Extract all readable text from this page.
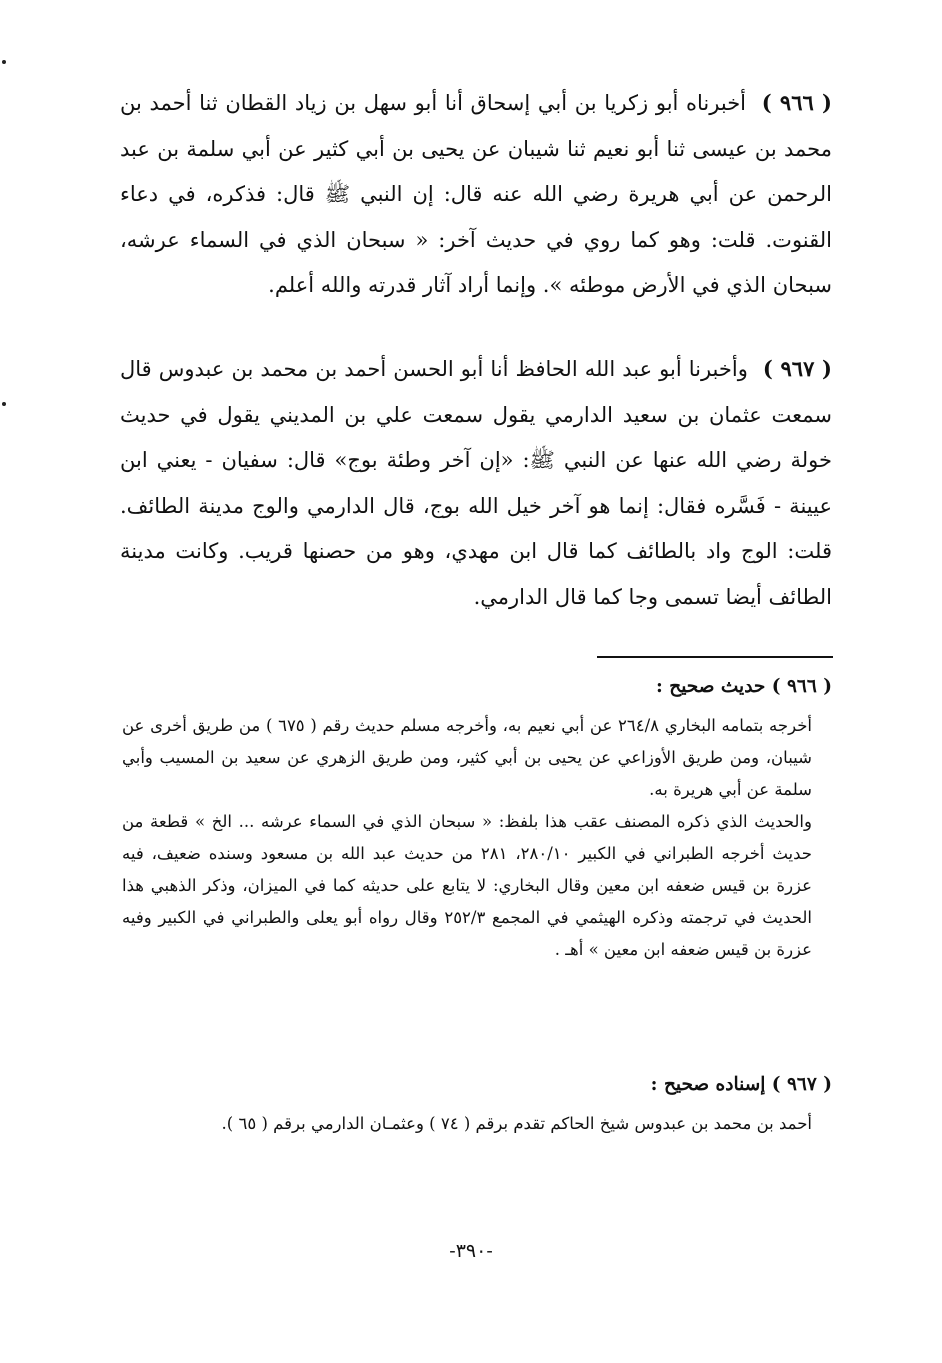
( ٩٦٦ ) أخبرناه أبو زكريا بن أبي إسحاق أنا أبو سهل بن زياد القطان ثنا أحمد بن محمد بن عيسى ثنا أبو نعيم ثنا شيبان عن يحيى بن أبي كثير عن أبي سلمة بن عبد الرحمن عن أبي هريرة رضي الله عنه قال: إن النبي ﷺ قال: فذكره، في دعاء القنوت. قلت: وهو كما روي في حديث آخر: « سبحان الذي في السماء عرشه، سبحان الذي في الأرض موطئه ». وإنما أراد آثار قدرته والله أعلم.
( ٩٦٧ ) وأخبرنا أبو عبد الله الحافظ أنا أبو الحسن أحمد بن محمد بن عبدوس قال سمعت عثمان بن سعيد الدارمي يقول سمعت علي بن المديني يقول في حديث خولة رضي الله عنها عن النبي ﷺ: «إن آخر وطئة بوج» قال: سفيان - يعني ابن عيينة - فَسَّره فقال: إنما هو آخر خيل الله بوج، قال الدارمي والوج مدينة الطائف. قلت: الوج واد بالطائف كما قال ابن مهدي، وهو من حصنها قريب. وكانت مدينة الطائف أيضا تسمى وجا كما قال الدارمي.
( ٩٦٦ ) حديث صحيح :

أخرجه بتمامه البخاري ٢٦٤/٨ عن أبي نعيم به، وأخرجه مسلم حديث رقم ( ٦٧٥ ) من طريق أخرى عن شيبان، ومن طريق الأوزاعي عن يحيى بن أبي كثير، ومن طريق الزهري عن سعيد بن المسيب وأبي سلمة عن أبي هريرة به.

والحديث الذي ذكره المصنف عقب هذا بلفظ: « سبحان الذي في السماء عرشه ... الخ » قطعة من حديث أخرجه الطبراني في الكبير ٢٨٠/١٠، ٢٨١ من حديث عبد الله بن مسعود وسنده ضعيف، فيه عزرة بن قيس ضعفه ابن معين وقال البخاري: لا يتابع على حديثه كما في الميزان، وذكر الذهبي هذا الحديث في ترجمته وذكره الهيثمي في المجمع ٢٥٢/٣ وقال رواه أبو يعلى والطبراني في الكبير وفيه عزرة بن قيس ضعفه ابن معين » أهـ .

( ٩٦٧ ) إسناده صحيح :

أحمد بن محمد بن عبدوس شيخ الحاكم تقدم برقم ( ٧٤ ) وعثمـان الدارمي برقم ( ٦٥ ).

-٣٩٠-
